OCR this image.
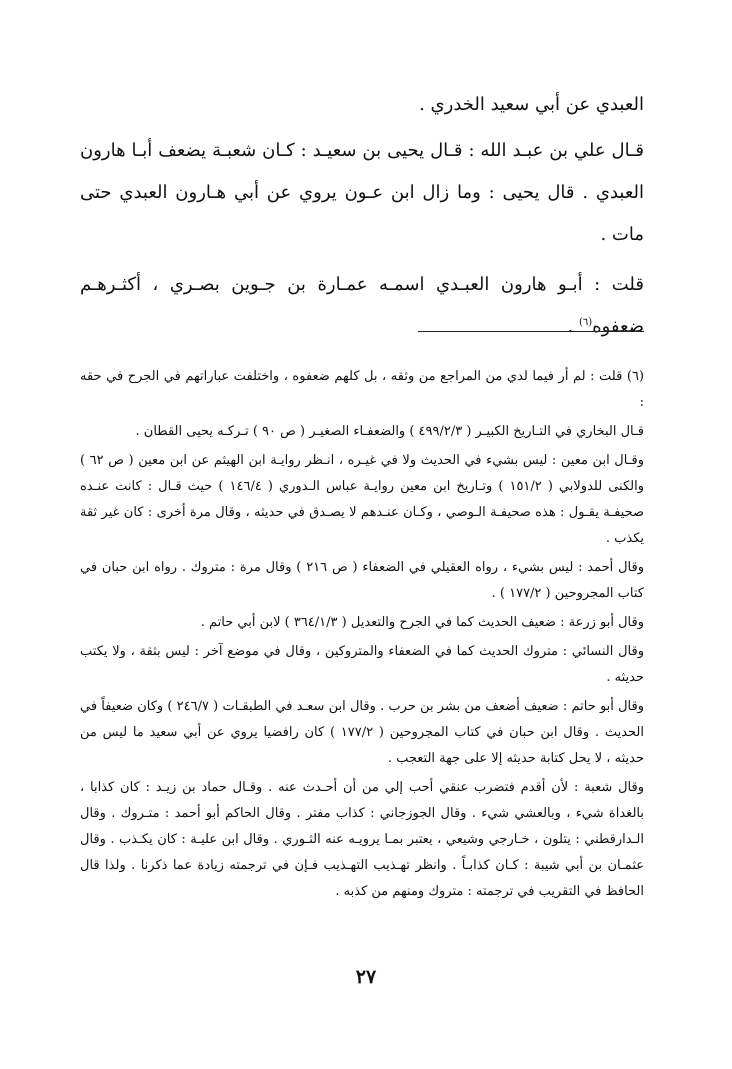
العبدي عن أبي سعيد الخدري .

قـال علي بن عبـد الله : قـال يحيى بن سعيـد : كـان شعبـة يضعف أبـا هارون العبدي . قال يحيى : وما زال ابن عـون يروي عن أبي هـارون العبدي حتى مات .

قلت : أبـو هارون العبـدي اسمـه عمـارة بن جـوين بصـري ، أكثـرهـم ضعفوه$^{(٦)}$ .

(٦) قلت : لم أر فيما لدي من المراجع من وثقه ، بل كلهم ضعفوه ، واختلفت عباراتهم في الجرح في حقه :

قـال البخاري في التـاريخ الكبيـر ( ٤٩٩/٢/٣ ) والضعفـاء الصغيـر ( ص ٩٠ ) تـركـه يحيى القطان .

وقـال ابن معين : ليس بشيء في الحديث ولا في غيـره ، انـظر روايـة ابن الهيثم عن ابن معين ( ص ٦٢ ) والكنى للدولابي ( ١٥١/٢ ) وتـاريخ ابن معين روايـة عباس الـدوري ( ١٤٦/٤ ) حيث قـال : كانت عنـده صحيفـة يقـول : هذه صحيفـة الـوصي ، وكـان عنـدهم لا يصـدق في حديثه ، وقال مرة أخرى : كان غير ثقة يكذب .

وقال أحمد : ليس بشيء ، رواه العقيلي في الضعفاء ( ص ٢١٦ ) وقال مرة : متروك . رواه ابن حبان في كتاب المجروحين ( ١٧٧/٢ ) .

وقال أبو زرعة : ضعيف الحديث كما في الجرح والتعديل ( ٣٦٤/١/٣ ) لابن أبي حاتم .

وقال النسائي : متروك الحديث كما في الضعفاء والمتروكين ، وقال في موضع آخر : ليس بثقة ، ولا يكتب حديثه .

وقال أبو حاتم : ضعيف أضعف من بشر بن حرب . وقال ابن سعـد في الطبقـات ( ٢٤٦/٧ ) وكان ضعيفاً في الحديث . وقال ابن حبان في كتاب المجروحين ( ١٧٧/٢ ) كان رافضيا يروي عن أبي سعيد ما ليس من حديثه ، لا يحل كتابة حديثه إلا على جهة التعجب .

وقال شعبة : لأن أقدم فتضرب عنقي أحب إلي من أن أحـدث عنه . وقـال حماد بن زيـد : كان كذابا ، بالغداة شيء ، وبالعشي شيء . وقال الجوزجاني : كذاب مفتر . وقال الحاكم أبو أحمد : متـروك . وقال الـدارقطني : يتلون ، خـارجي وشيعي ، يعتبر بمـا يرويـه عنه الثـوري . وقال ابن عليـة : كان يكـذب . وقال عثمـان بن أبي شيبة : كـان كذابـاً . وانظر تهـذيب التهـذيب فـإن في ترجمته زيادة عما ذكرنا . ولذا قال الحافظ في التقريب في ترجمته : متروك ومنهم من كذبه .

٢٧
